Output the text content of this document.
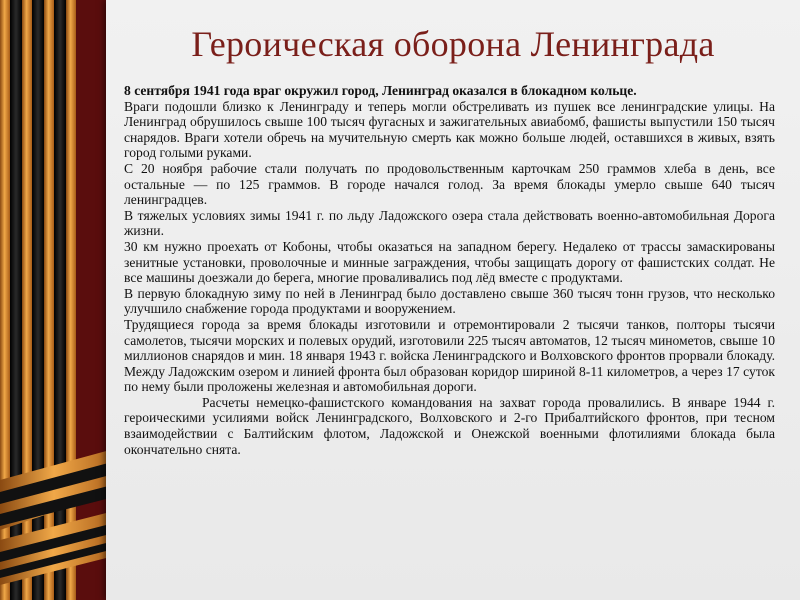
Героическая оборона Ленинграда

8 сентября 1941 года враг окружил город, Ленинград оказался в блокадном кольце.

Враги подошли близко к Ленинграду и теперь могли обстреливать из пушек все ленинградские улицы. На Ленинград обрушилось свыше 100 тысяч фугасных и зажигательных авиабомб, фашисты выпустили 150 тысяч снарядов. Враги хотели обречь на мучительную смерть как можно больше людей, оставшихся в живых, взять город голыми руками.

С 20 ноября рабочие стали получать по продовольственным карточкам 250 граммов хлеба в день, все остальные — по 125 граммов. В городе начался голод. За время блокады умерло свыше 640 тысяч ленинградцев.

В тяжелых условиях зимы 1941 г. по льду Ладожского озера стала действовать военно-автомобильная Дорога жизни.

30 км нужно проехать от Кобоны, чтобы оказаться на западном берегу. Недалеко от трассы замаскированы зенитные установки, проволочные и минные заграждения, чтобы защищать дорогу от фашистских солдат. Не все машины доезжали до берега, многие проваливались под лёд вместе с продуктами.

В первую блокадную зиму по ней в Ленинград было доставлено свыше 360 тысяч тонн грузов, что несколько улучшило снабжение города продуктами и вооружением.

Трудящиеся города за время блокады изготовили и отремонтировали 2 тысячи танков, полторы тысячи самолетов, тысячи морских и полевых орудий, изготовили 225 тысяч автоматов, 12 тысяч минометов, свыше 10 миллионов снарядов и мин. 18 января 1943 г. войска Ленинградского и Волховского фронтов прорвали блокаду. Между Ладожским озером и линией фронта был образован коридор шириной 8-11 километров, а через 17 суток по нему были проложены железная и автомобильная дороги.

Расчеты немецко-фашистского командования на захват города провалились. В январе 1944 г. героическими усилиями войск Ленинградского, Волховского и 2-го Прибалтийского фронтов, при тесном взаимодействии с Балтийским флотом, Ладожской и Онежской военными флотилиями блокада была окончательно снята.
